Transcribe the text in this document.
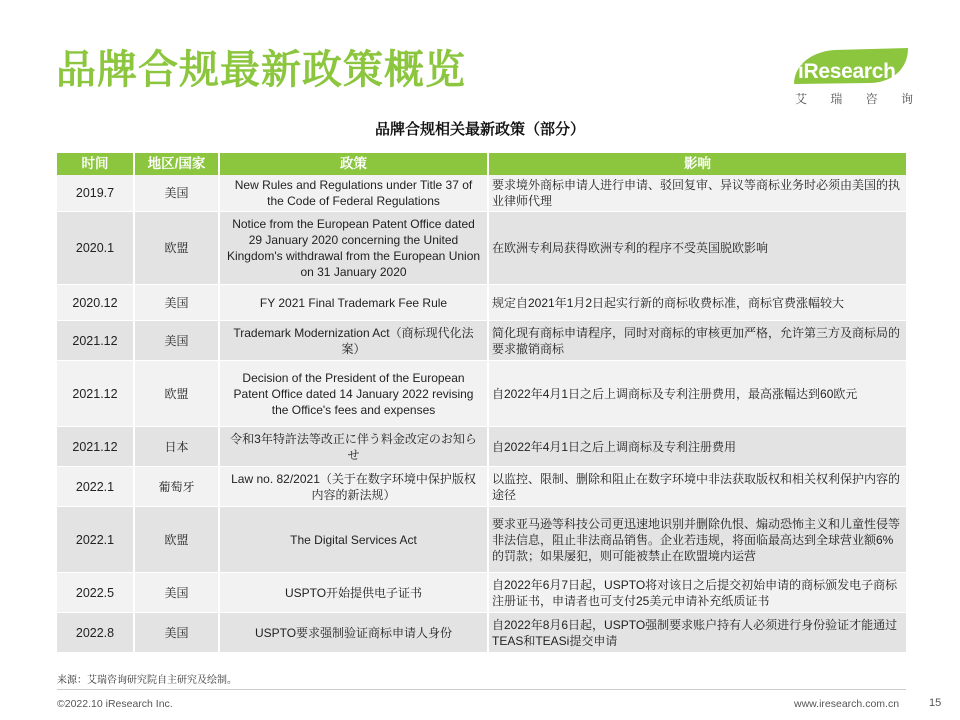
品牌合规最新政策概览	iResearch
艾 瑞 咨 询
品牌合规相关最新政策（部分）
时间	地区/国家	政策	影响
2019.7	美国	New Rules and Regulations under Title 37 of the Code of Federal Regulations	要求境外商标申请人进行申请、驳回复审、异议等商标业务时必须由美国的执业律师代理
2020.1	欧盟	Notice from the European Patent Office dated 29 January 2020 concerning the United Kingdom's withdrawal from the European Union on 31 January 2020	在欧洲专利局获得欧洲专利的程序不受英国脱欧影响
2020.12	美国	FY 2021 Final Trademark Fee Rule	规定自2021年1月2日起实行新的商标收费标准，商标官费涨幅较大
2021.12	美国	Trademark Modernization Act（商标现代化法案）	简化现有商标申请程序，同时对商标的审核更加严格，允许第三方及商标局的要求撤销商标
2021.12	欧盟	Decision of the President of the European Patent Office dated 14 January 2022 revising the Office's fees and expenses	自2022年4月1日之后上调商标及专利注册费用，最高涨幅达到60欧元
2021.12	日本	令和3年特許法等改正に伴う料金改定のお知らせ	自2022年4月1日之后上调商标及专利注册费用
2022.1	葡萄牙	Law no. 82/2021（关于在数字环境中保护版权内容的新法规）	以监控、限制、删除和阻止在数字环境中非法获取版权和相关权利保护内容的途径
2022.1	欧盟	The Digital Services Act	要求亚马逊等科技公司更迅速地识别并删除仇恨、煽动恐怖主义和儿童性侵等非法信息，阻止非法商品销售。企业若违规，将面临最高达到全球营业额6%的罚款；如果屡犯，则可能被禁止在欧盟境内运营
2022.5	美国	USPTO开始提供电子证书	自2022年6月7日起，USPTO将对该日之后提交初始申请的商标颁发电子商标注册证书，申请者也可支付25美元申请补充纸质证书
2022.8	美国	USPTO要求强制验证商标申请人身份	自2022年8月6日起，USPTO强制要求账户持有人必须进行身份验证才能通过TEAS和TEASi提交申请
来源：艾瑞咨询研究院自主研究及绘制。
©2022.10 iResearch Inc.	www.iresearch.com.cn	15
